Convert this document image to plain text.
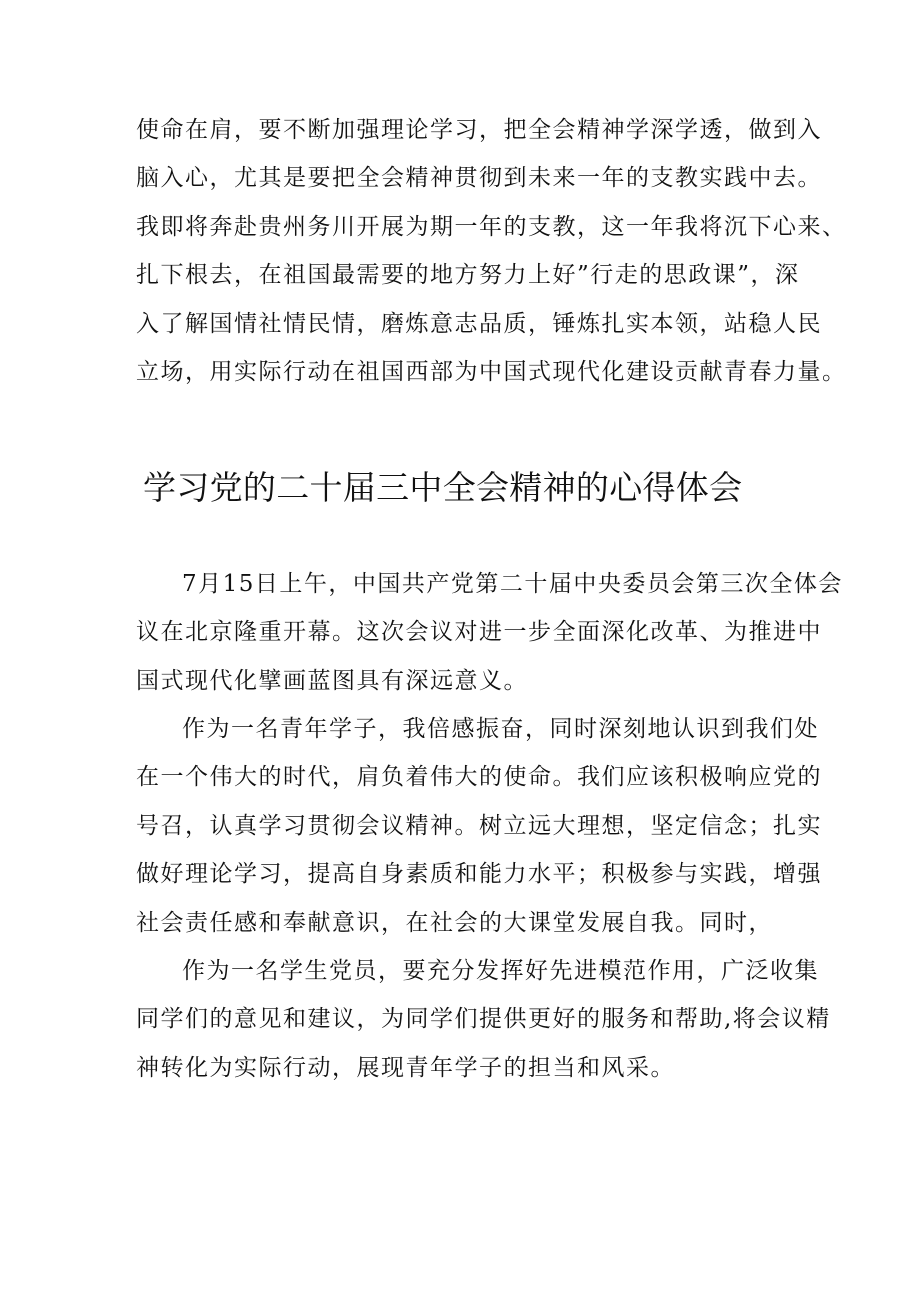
使命在肩，要不断加强理论学习，把全会精神学深学透，做到入
脑入心，尤其是要把全会精神贯彻到未来一年的支教实践中去。
我即将奔赴贵州务川开展为期一年的支教，这一年我将沉下心来、
扎下根去，在祖国最需要的地方努力上好”行走的思政课”，深
入了解国情社情民情，磨炼意志品质，锤炼扎实本领，站稳人民
立场，用实际行动在祖国西部为中国式现代化建设贡献青春力量。

学习党的二十届三中全会精神的心得体会

7月15日上午，中国共产党第二十届中央委员会第三次全体会
议在北京隆重开幕。这次会议对进一步全面深化改革、为推进中
国式现代化擘画蓝图具有深远意义。

作为一名青年学子，我倍感振奋，同时深刻地认识到我们处
在一个伟大的时代，肩负着伟大的使命。我们应该积极响应党的
号召，认真学习贯彻会议精神。树立远大理想，坚定信念；扎实
做好理论学习，提高自身素质和能力水平；积极参与实践，增强
社会责任感和奉献意识，在社会的大课堂发展自我。同时，

作为一名学生党员，要充分发挥好先进模范作用，广泛收集
同学们的意见和建议，为同学们提供更好的服务和帮助,将会议精
神转化为实际行动，展现青年学子的担当和风采。
